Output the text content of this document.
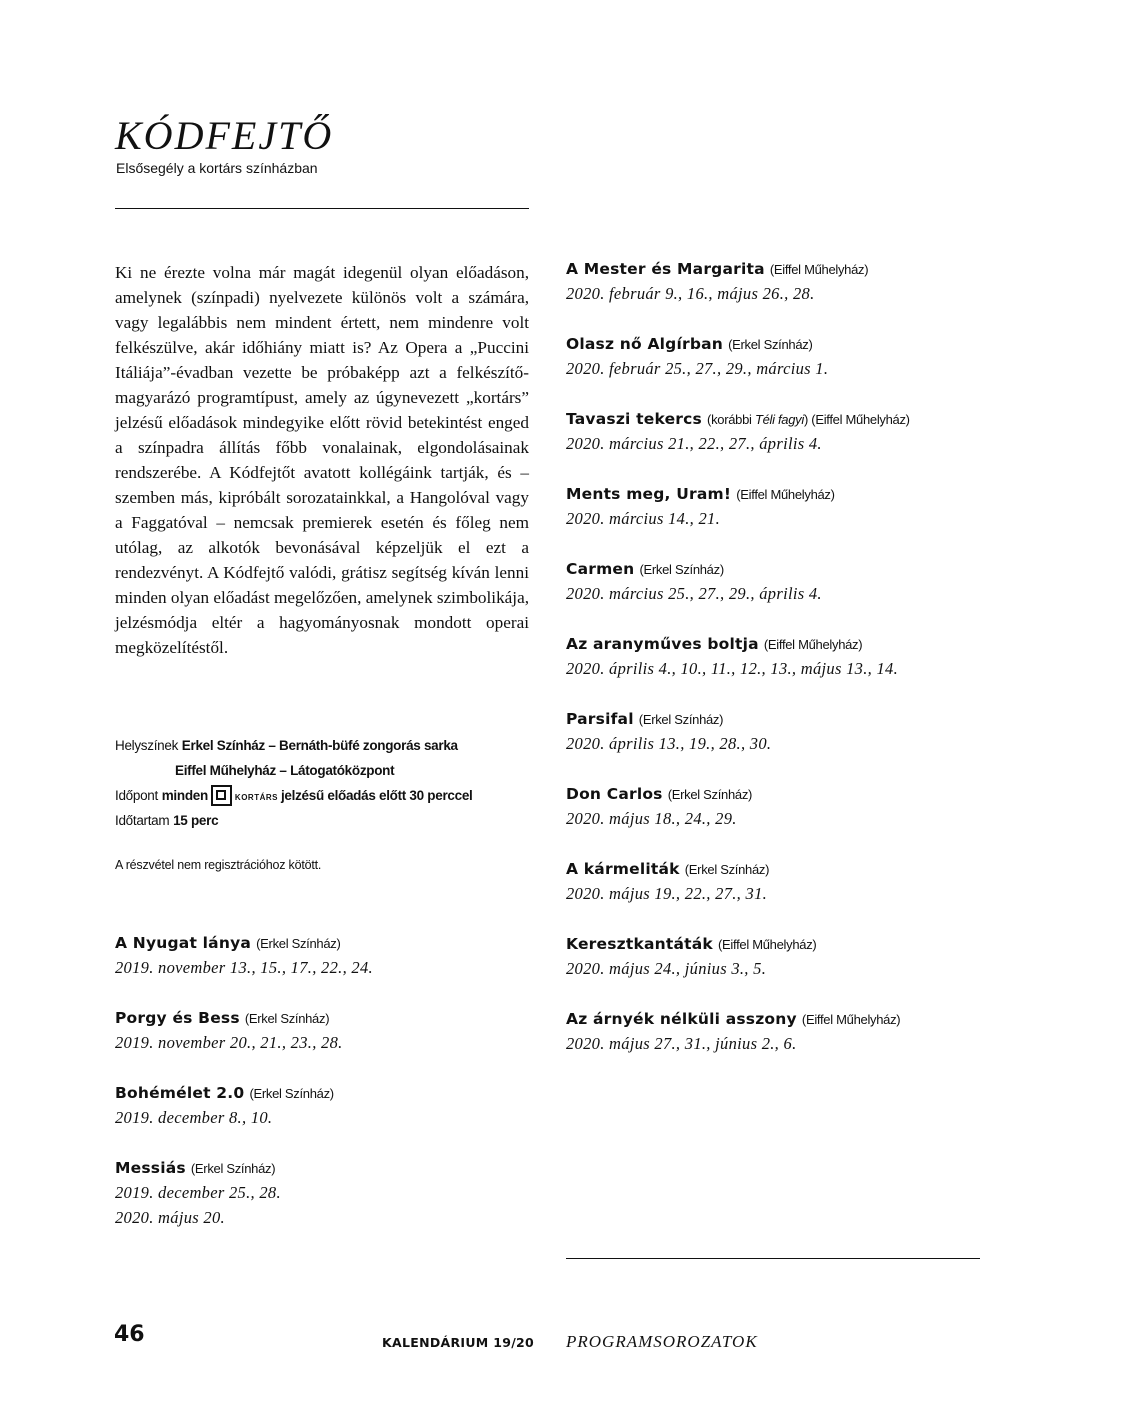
KÓDFEJTŐ
Elsősegély a kortárs színházban

Ki ne érezte volna már magát idegenül olyan előadáson, amelynek (színpadi) nyelvezete különös volt a számára, vagy legalábbis nem mindent értett, nem mindenre volt felkészülve, akár időhiány miatt is? Az Opera a „Puccini Itáliája”-évadban vezette be próbaképp azt a felkészítő-magyarázó programtípust, amely az úgynevezett „kortárs” jelzésű előadások mindegyike előtt rövid betekintést enged a színpadra állítás főbb vonalainak, elgondolásainak rendszerébe. A Kódfejtőt avatott kollégáink tartják, és – szemben más, kipróbált sorozatainkkal, a Hangolóval vagy a Faggatóval – nemcsak premierek esetén és főleg nem utólag, az alkotók bevonásával képzeljük el ezt a rendezvényt. A Kódfejtő valódi, grátisz segítség kíván lenni minden olyan előadást megelőzően, amelynek szimbolikája, jelzésmódja eltér a hagyományosnak mondott operai megközelítéstől.

Helyszínek Erkel Színház – Bernáth-büfé zongorás sarka
Eiffel Műhelyház – Látogatóközpont
Időpont minden	KORTÁRS jelzésű előadás előtt 30 perccel
Időtartam 15 perc
A részvétel nem regisztrációhoz kötött.
A Nyugat lánya (Erkel Színház)
2019. november 13., 15., 17., 22., 24.
Porgy és Bess (Erkel Színház)
2019. november 20., 21., 23., 28.
Bohémélet 2.0 (Erkel Színház)
2019. december 8., 10.
Messiás (Erkel Színház)
2019. december 25., 28.
2020. május 20.
A Mester és Margarita (Eiffel Műhelyház)
2020. február 9., 16., május 26., 28.
Olasz nő Algírban (Erkel Színház)
2020. február 25., 27., 29., március 1.
Tavaszi tekercs (korábbi Téli fagyi) (Eiffel Műhelyház)
2020. március 21., 22., 27., április 4.
Ments meg, Uram! (Eiffel Műhelyház)
2020. március 14., 21.
Carmen (Erkel Színház)
2020. március 25., 27., 29., április 4.
Az aranyműves boltja (Eiffel Műhelyház)
2020. április 4., 10., 11., 12., 13., május 13., 14.
Parsifal (Erkel Színház)
2020. április 13., 19., 28., 30.
Don Carlos (Erkel Színház)
2020. május 18., 24., 29.
A kármeliták (Erkel Színház)
2020. május 19., 22., 27., 31.
Keresztkantáták (Eiffel Műhelyház)
2020. május 24., június 3., 5.
Az árnyék nélküli asszony (Eiffel Műhelyház)
2020. május 27., 31., június 2., 6.
46	KALENDÁRIUM 19/20 PROGRAMSOROZATOK
